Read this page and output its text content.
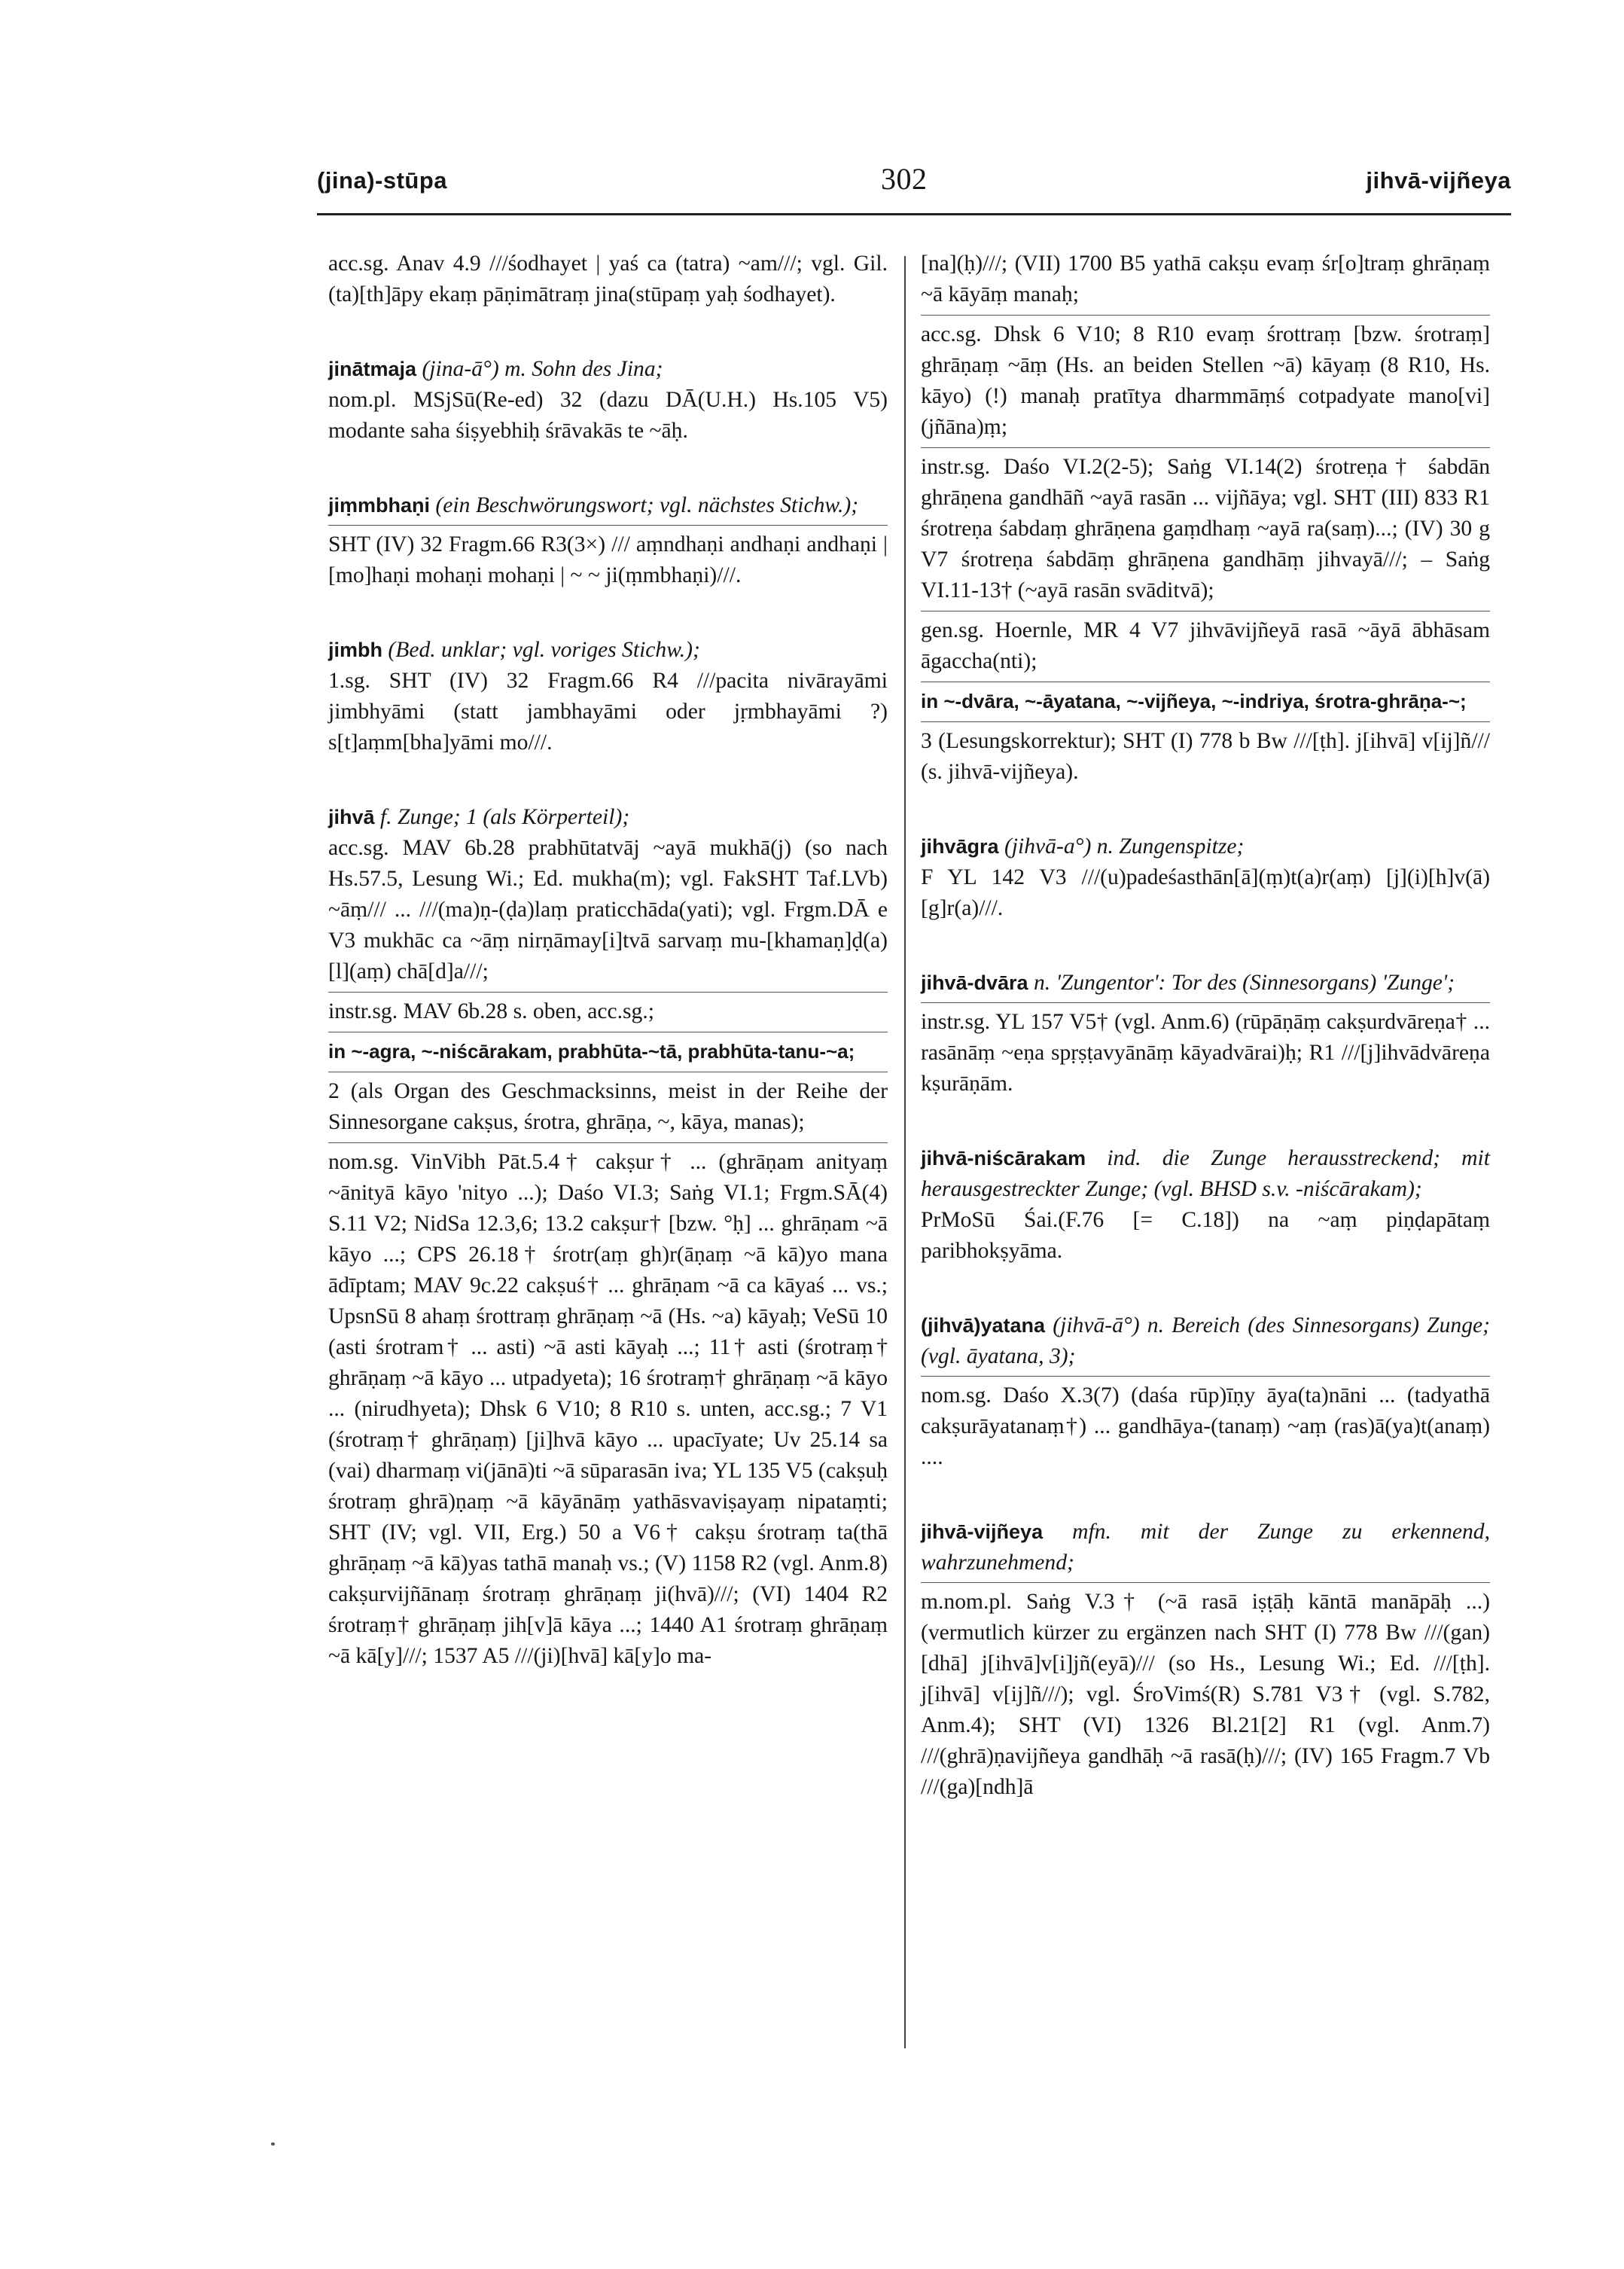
(jina)-stūpa	302	jihvā-vijñeya
acc.sg. Anav 4.9 ///śodhayet | yaś ca (tatra) ~am///; vgl. Gil. (ta)[th]āpy ekaṃ pāṇimātraṃ jina(stūpaṃ yaḥ śodhayet).
jinātmaja (jina-ā°) m. Sohn des Jina;
nom.pl. MSjSū(Re-ed) 32 (dazu DĀ(U.H.) Hs.105 V5) modante saha śiṣyebhiḥ śrāvakās te ~āḥ.
jiṃmbhaṇi (ein Beschwörungswort; vgl. nächstes Stichw.);
SHT (IV) 32 Fragm.66 R3(3×) /// aṃndhaṇi andhaṇi andhaṇi | [mo]haṇi mohaṇi mohaṇi | ~ ~ ji(ṃmbhaṇi)///.
jimbh (Bed. unklar; vgl. voriges Stichw.);
1.sg. SHT (IV) 32 Fragm.66 R4 ///pacita nivārayāmi jimbhyāmi (statt jambhayāmi oder jṛmbhayāmi ?) s[t]aṃm[bha]yāmi mo///.
jihvā f. Zunge; 1 (als Körperteil);
acc.sg. MAV 6b.28 prabhūtatvāj ~ayā mukhā(j) (so nach Hs.57.5, Lesung Wi.; Ed. mukha(m); vgl. FakSHT Taf.LVb) ~āṃ/// ... ///(ma)ṇ-(ḍa)laṃ praticchāda(yati); vgl. Frgm.DĀ e V3 mukhāc ca ~āṃ nirṇāmay[i]tvā sarvaṃ mu-[khamaṇ]ḍ(a)[l](aṃ) chā[d]a///;
instr.sg. MAV 6b.28 s. oben, acc.sg.;
in ~-agra, ~-niścārakam, prabhūta-~tā, prabhūta-tanu-~a;
2 (als Organ des Geschmacksinns, meist in der Reihe der Sinnesorgane cakṣus, śrotra, ghrāṇa, ~, kāya, manas);
nom.sg. VinVibh Pāt.5.4† cakṣur† ... (ghrāṇam anityaṃ ~ānityā kāyo 'nityo ...); Daśo VI.3; Saṅg VI.1; Frgm.SĀ(4) S.11 V2; NidSa 12.3,6; 13.2 cakṣur† [bzw. °ḥ] ... ghrāṇam ~ā kāyo ...; CPS 26.18† śrotr(aṃ gh)r(āṇaṃ ~ā kā)yo mana ādīptam; MAV 9c.22 cakṣuś† ... ghrāṇam ~ā ca kāyaś ... vs.; UpsnSū 8 ahaṃ śrottraṃ ghrāṇaṃ ~ā (Hs. ~a) kāyaḥ; VeSū 10 (asti śrotram† ... asti) ~ā asti kāyaḥ ...; 11† asti (śrotraṃ† ghrāṇaṃ ~ā kāyo ... utpadyeta); 16 śrotraṃ† ghrāṇaṃ ~ā kāyo ... (nirudhyeta); Dhsk 6 V10; 8 R10 s. unten, acc.sg.; 7 V1 (śrotraṃ† ghrāṇaṃ) [ji]hvā kāyo ... upacīyate; Uv 25.14 sa (vai) dharmaṃ vi(jānā)ti ~ā sūparasān iva; YL 135 V5 (cakṣuḥ śrotraṃ ghrā)ṇaṃ ~ā kāyānāṃ yathāsvaviṣayaṃ nipataṃti; SHT (IV; vgl. VII, Erg.) 50 a V6† cakṣu śrotraṃ ta(thā ghrāṇaṃ ~ā kā)yas tathā manaḥ vs.; (V) 1158 R2 (vgl. Anm.8) cakṣurvijñānaṃ śrotraṃ ghrāṇaṃ ji(hvā)///; (VI) 1404 R2 śrotraṃ† ghrāṇaṃ jih[v]ā kāya ...; 1440 A1 śrotraṃ ghrāṇaṃ ~ā kā[y]///; 1537 A5 ///(ji)[hvā] kā[y]o ma-
[na](ḥ)///; (VII) 1700 B5 yathā cakṣu evaṃ śr[o]traṃ ghrāṇaṃ ~ā kāyāṃ manaḥ;
acc.sg. Dhsk 6 V10; 8 R10 evaṃ śrottraṃ [bzw. śrotraṃ] ghrāṇaṃ ~āṃ (Hs. an beiden Stellen ~ā) kāyaṃ (8 R10, Hs. kāyo) (!) manaḥ pratītya dharmmāṃś cotpadyate mano[vi](jñāna)ṃ;
instr.sg. Daśo VI.2(2-5); Saṅg VI.14(2) śrotreṇa† śabdān ghrāṇena gandhāñ ~ayā rasān ... vijñāya; vgl. SHT (III) 833 R1 śrotreṇa śabdaṃ ghrāṇena gaṃdhaṃ ~ayā ra(saṃ)...; (IV) 30 g V7 śrotreṇa śabdāṃ ghrāṇena gandhāṃ jihvayā///; – Saṅg VI.11-13† (~ayā rasān svāditvā);
gen.sg. Hoernle, MR 4 V7 jihvāvijñeyā rasā ~āyā ābhāsam āgaccha(nti);
in ~-dvāra, ~-āyatana, ~-vijñeya, ~-indriya, śrotra-ghrāṇa-~;
3 (Lesungskorrektur); SHT (I) 778 b Bw ///[ṭh]. j[ihvā] v[ij]ñ/// (s. jihvā-vijñeya).
jihvāgra (jihvā-a°) n. Zungenspitze;
F YL 142 V3 ///(u)padeśasthān[ā](ṃ)t(a)r(aṃ) [j](i)[h]v(ā)[g]r(a)///.
jihvā-dvāra n. 'Zungentor': Tor des (Sinnesorgans) 'Zunge';
instr.sg. YL 157 V5† (vgl. Anm.6) (rūpāṇāṃ cakṣurdvāreṇa† ... rasānāṃ ~eṇa spṛṣṭavyānāṃ kāyadvārai)ḥ; R1 ///[j]ihvādvāreṇa kṣurāṇām.
jihvā-niścārakam ind. die Zunge herausstreckend; mit herausgestreckter Zunge; (vgl. BHSD s.v. -niścārakam);
PrMoSū Śai.(F.76 [= C.18]) na ~aṃ piṇḍapātaṃ paribhokṣyāma.
(jihvā)yatana (jihvā-ā°) n. Bereich (des Sinnesorgans) Zunge; (vgl. āyatana, 3);
nom.sg. Daśo X.3(7) (daśa rūp)īṇy āya(ta)nāni ... (tadyathā cakṣurāyatanaṃ†) ... gandhāya-(tanaṃ) ~aṃ (ras)ā(ya)t(anaṃ) ....
jihvā-vijñeya mfn. mit der Zunge zu erkennend, wahrzunehmend;
m.nom.pl. Saṅg V.3† (~ā rasā iṣṭāḥ kāntā manāpāḥ ...) (vermutlich kürzer zu ergänzen nach SHT (I) 778 Bw ///(gan)[dhā] j[ihvā]v[i]jñ(eyā)/// (so Hs., Lesung Wi.; Ed. ///[ṭh]. j[ihvā] v[ij]ñ///); vgl. ŚroVimś(R) S.781 V3† (vgl. S.782, Anm.4); SHT (VI) 1326 Bl.21[2] R1 (vgl. Anm.7) ///(ghrā)ṇavijñeya gandhāḥ ~ā rasā(ḥ)///; (IV) 165 Fragm.7 Vb ///(ga)[ndh]ā
